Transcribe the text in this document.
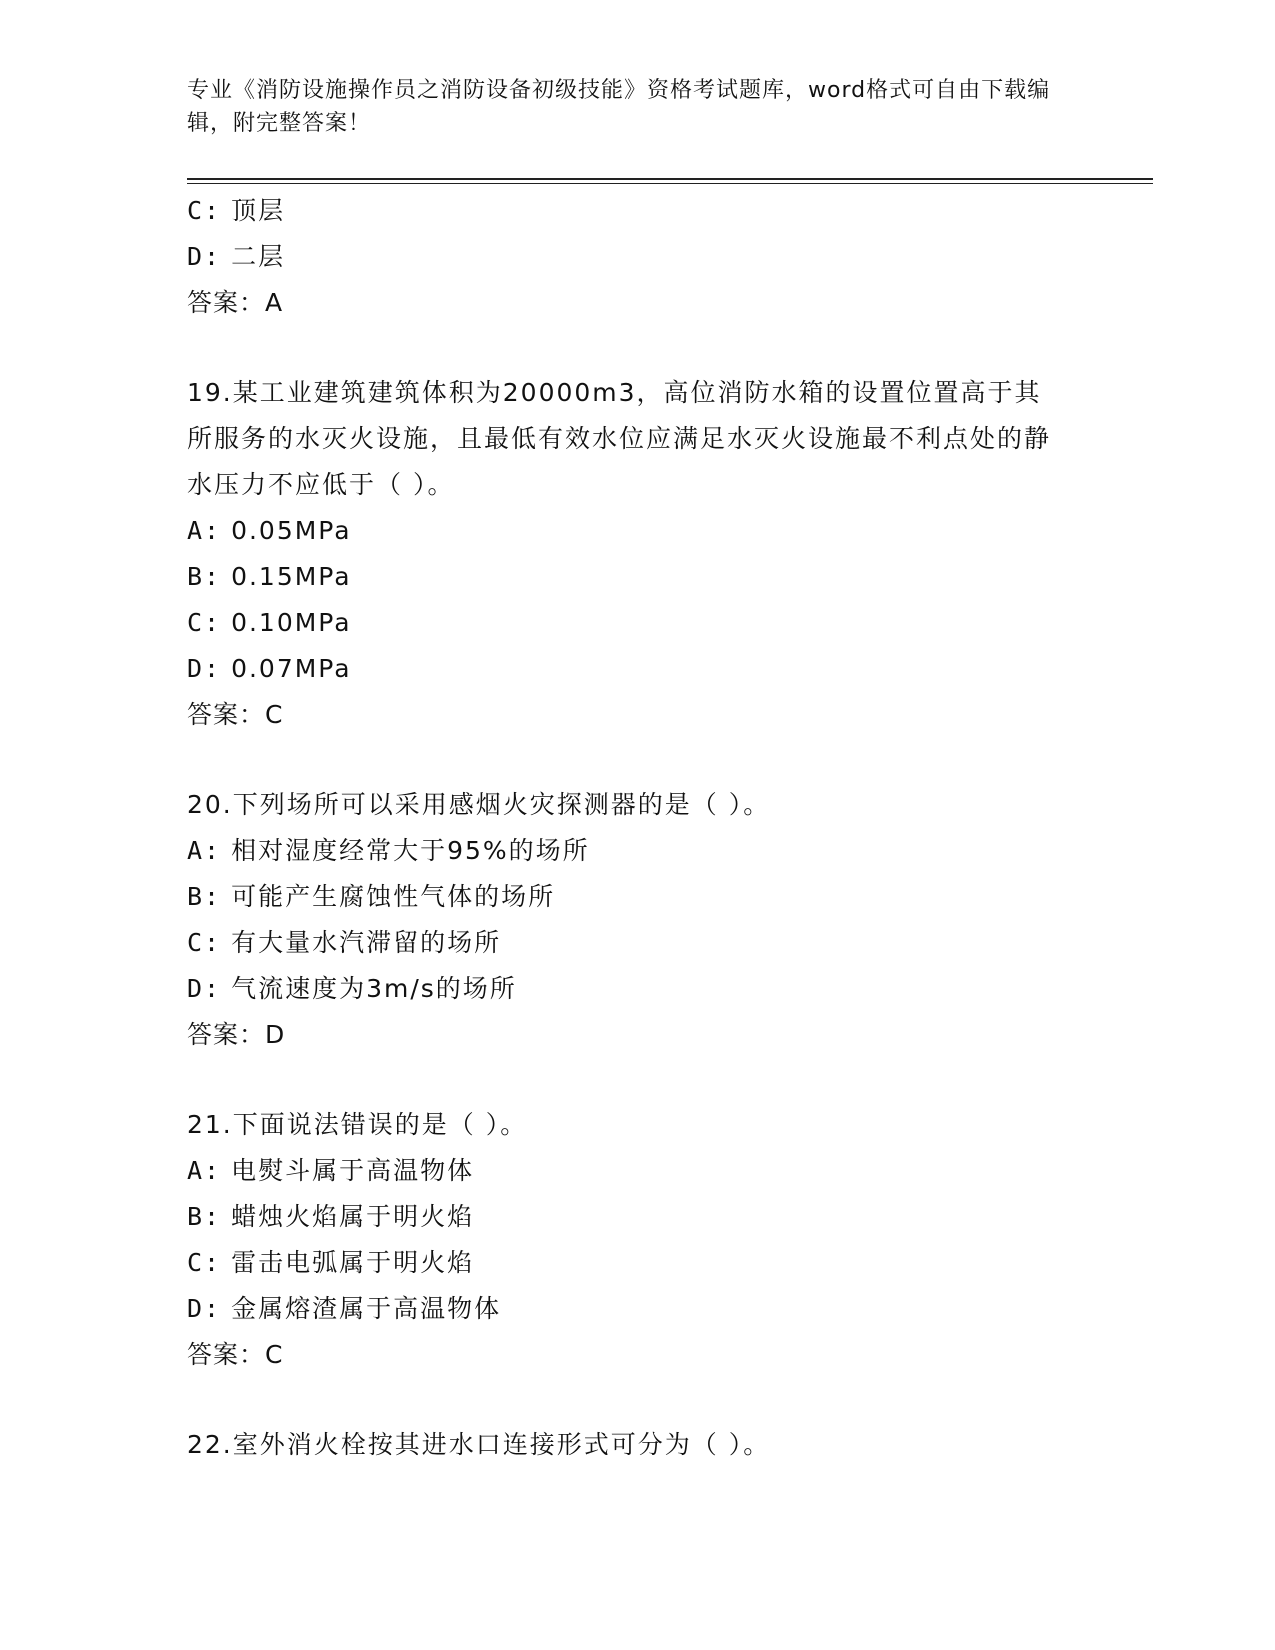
专业《消防设施操作员之消防设备初级技能》资格考试题库，word格式可自由下载编辑，附完整答案！
C: 顶层
D: 二层
答案：A
19.某工业建筑建筑体积为20000m3，高位消防水箱的设置位置高于其所服务的水灭火设施，且最低有效水位应满足水灭火设施最不利点处的静水压力不应低于（ ）。
A: 0.05MPa
B: 0.15MPa
C: 0.10MPa
D: 0.07MPa
答案：C
20.下列场所可以采用感烟火灾探测器的是（ ）。
A: 相对湿度经常大于95%的场所
B: 可能产生腐蚀性气体的场所
C: 有大量水汽滞留的场所
D: 气流速度为3m/s的场所
答案：D
21.下面说法错误的是（ ）。
A: 电熨斗属于高温物体
B: 蜡烛火焰属于明火焰
C: 雷击电弧属于明火焰
D: 金属熔渣属于高温物体
答案：C
22.室外消火栓按其进水口连接形式可分为（ ）。
